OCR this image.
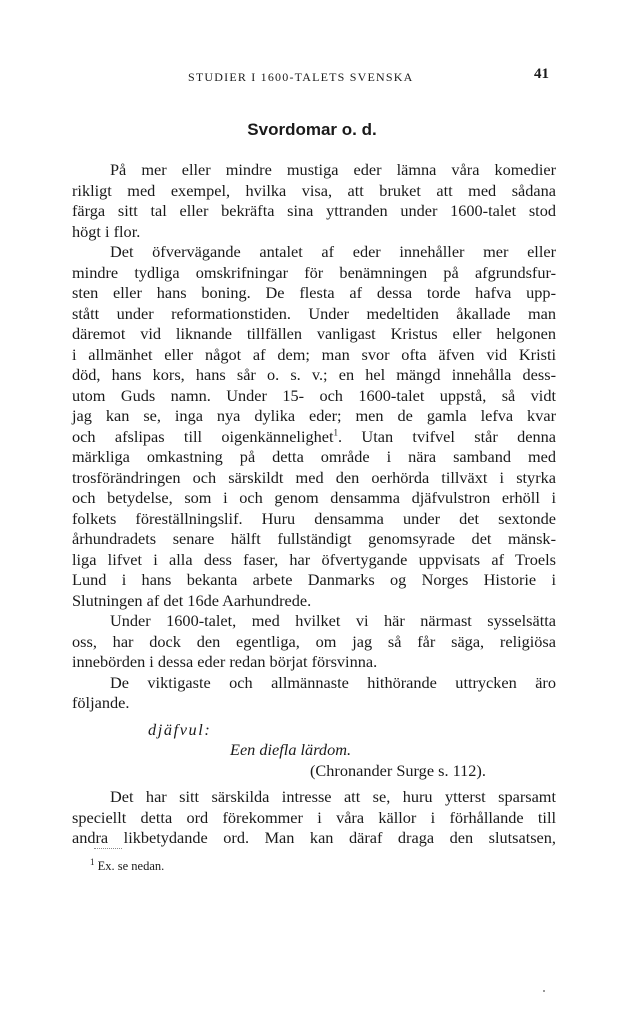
STUDIER I 1600-TALETS SVENSKA	41
Svordomar o. d.
På mer eller mindre mustiga eder lämna våra komedier
rikligt med exempel, hvilka visa, att bruket att med sådana
färga sitt tal eller bekräfta sina yttranden under 1600-talet stod
högt i flor.
Det öfvervägande antalet af eder innehåller mer eller
mindre tydliga omskrifningar för benämningen på afgrundsfur-
sten eller hans boning. De flesta af dessa torde hafva upp-
stått under reformationstiden. Under medeltiden åkallade man
däremot vid liknande tillfällen vanligast Kristus eller helgonen
i allmänhet eller något af dem; man svor ofta äfven vid Kristi
död, hans kors, hans sår o. s. v.; en hel mängd innehålla dess-
utom Guds namn. Under 15- och 1600-talet uppstå, så vidt
jag kan se, inga nya dylika eder; men de gamla lefva kvar
och afslipas till oigenkännelighet$^1$. Utan tvifvel står denna
märkliga omkastning på detta område i nära samband med
trosförändringen och särskildt med den oerhörda tillväxt i styrka
och betydelse, som i och genom densamma djäfvulstron erhöll i
folkets föreställningslif. Huru densamma under det sextonde
århundradets senare hälft fullständigt genomsyrade det mänsk-
liga lifvet i alla dess faser, har öfvertygande uppvisats af Troels
Lund i hans bekanta arbete Danmarks og Norges Historie i
Slutningen af det 16de Aarhundrede.
Under 1600-talet, med hvilket vi här närmast sysselsätta
oss, har dock den egentliga, om jag så får säga, religiösa
innebörden i dessa eder redan börjat försvinna.
De viktigaste och allmännaste hithörande uttrycken äro
följande.
djäfvul:
Een diefla lärdom.
(Chronander Surge s. 112).
Det har sitt särskilda intresse att se, huru ytterst sparsamt
speciellt detta ord förekommer i våra källor i förhållande till
andra likbetydande ord. Man kan däraf draga den slutsatsen,
$^1$ Ex. se nedan.
